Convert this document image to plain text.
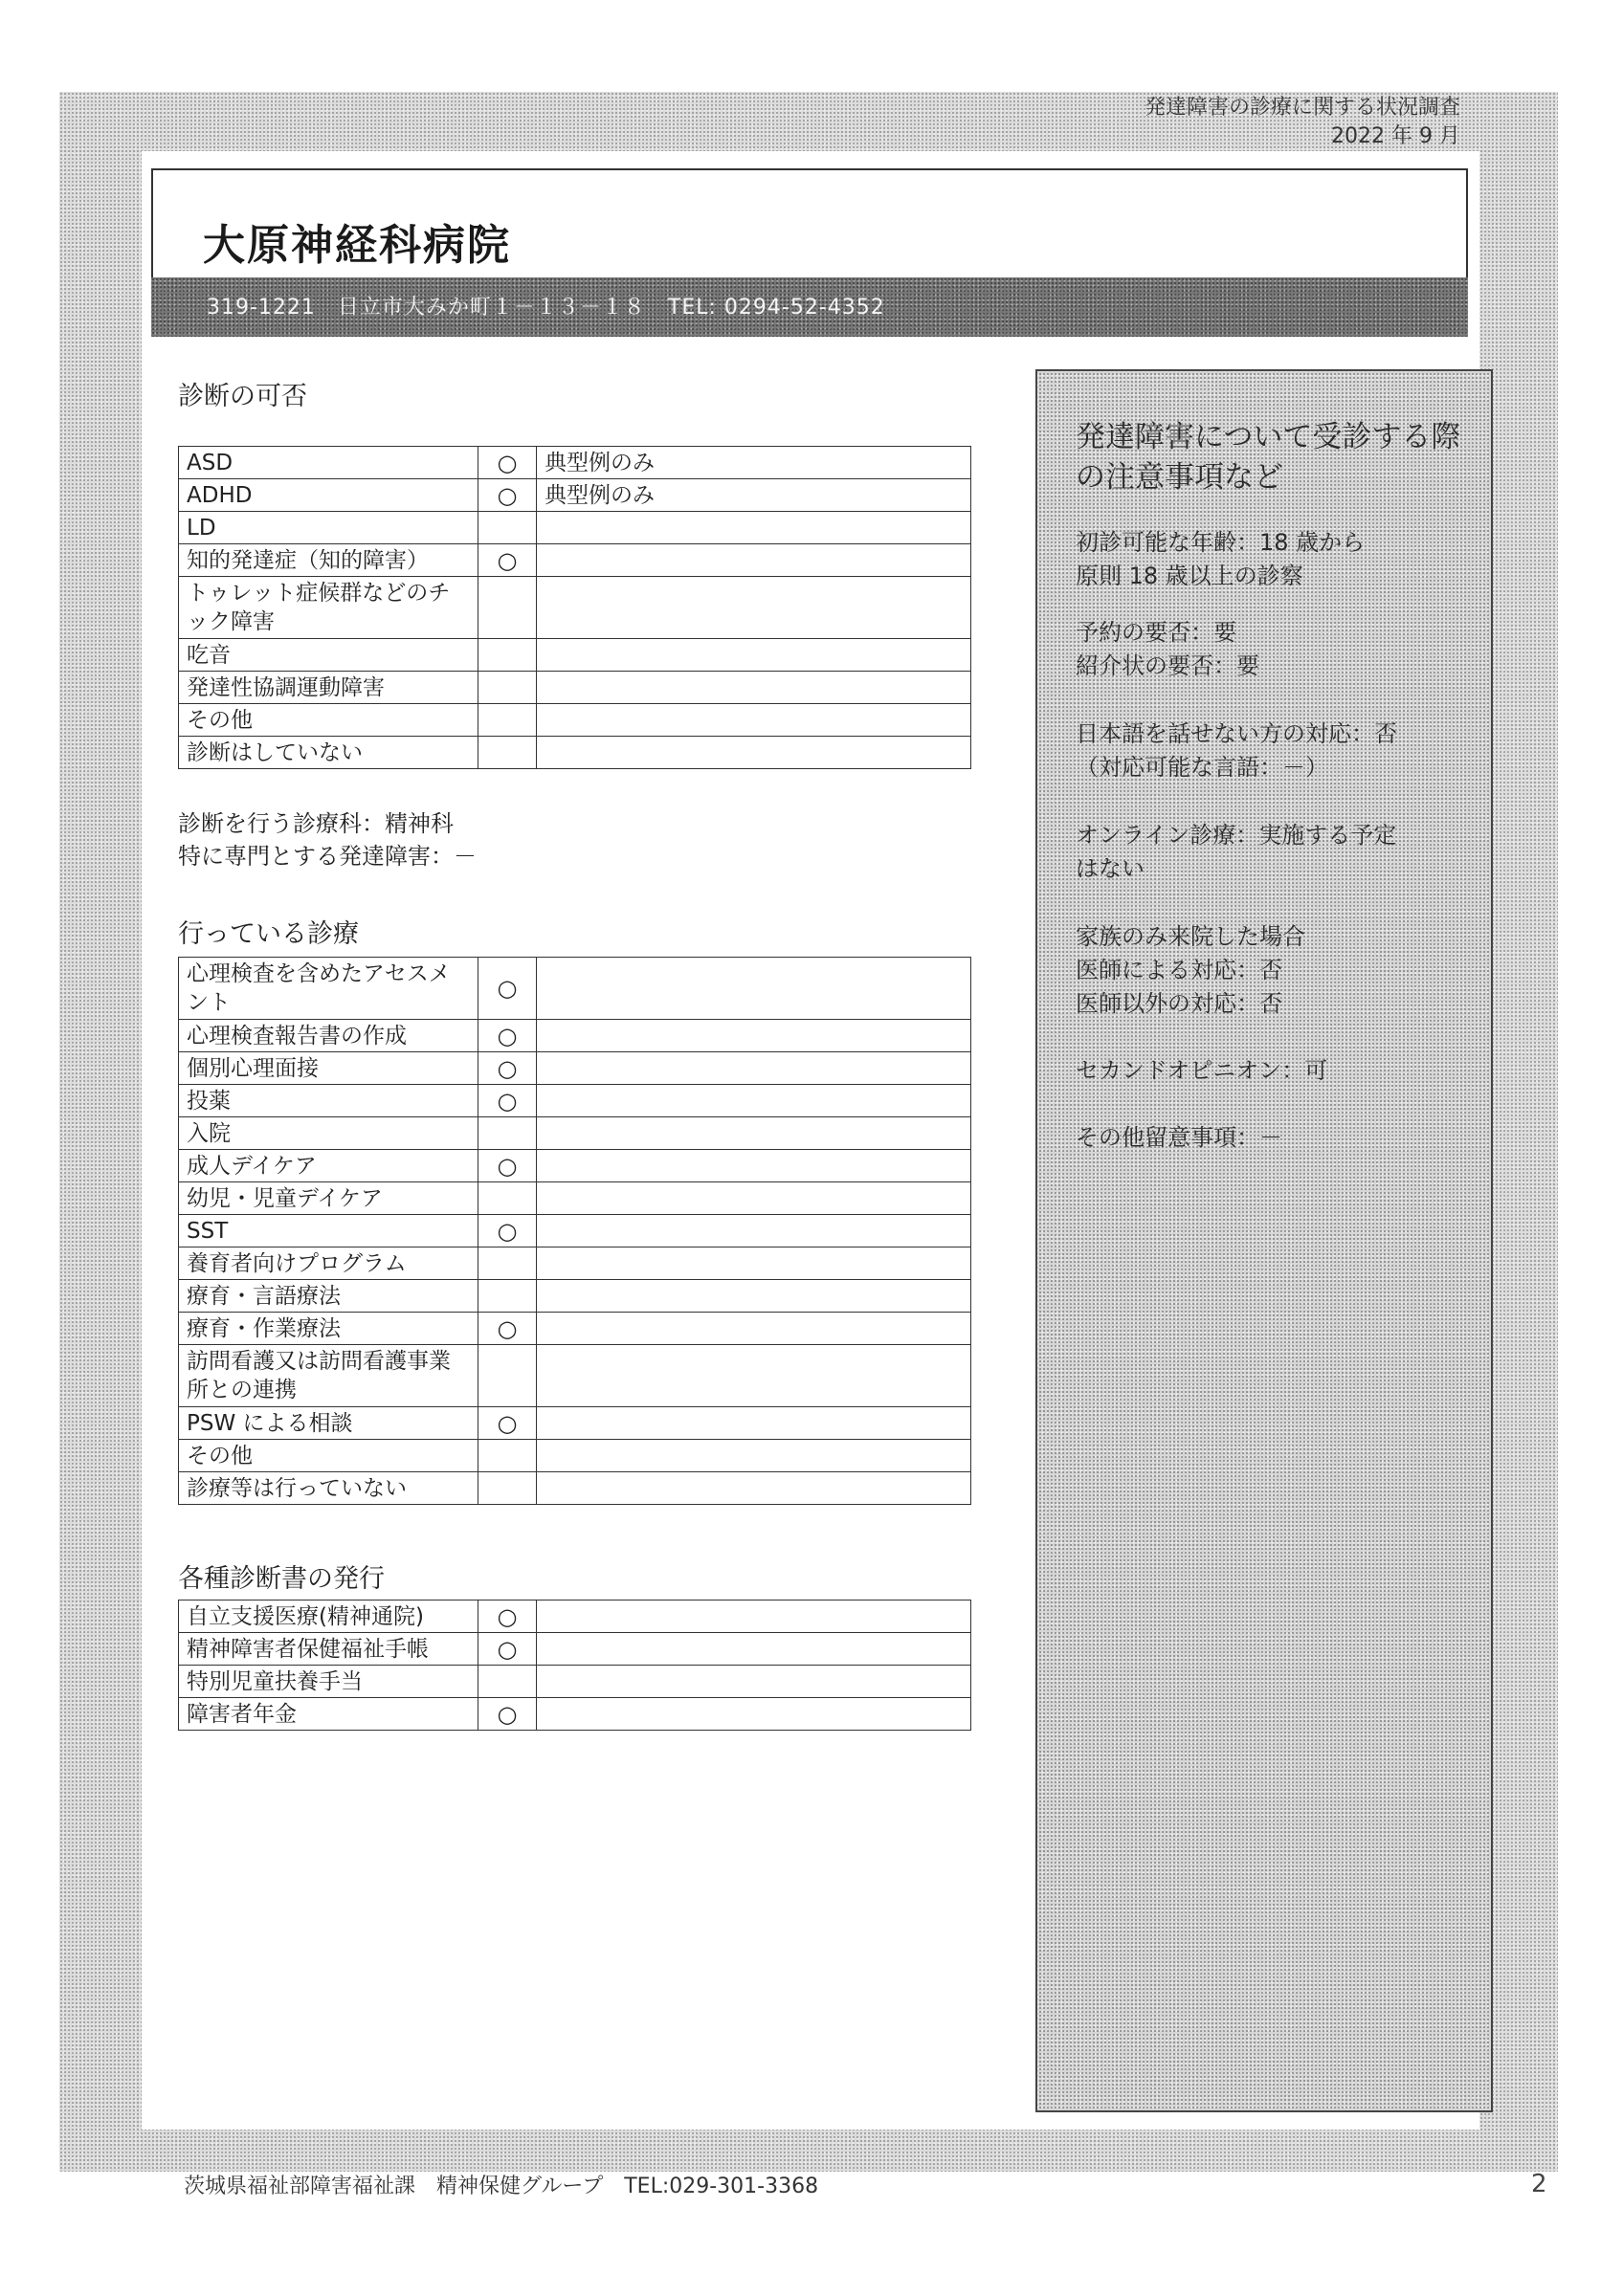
発達障害の診療に関する状況調査
2022 年 9 月
大原神経科病院
319-1221　日立市大みか町１－１３－１８　TEL: 0294-52-4352
診断の可否
ASD	○	典型例のみ
ADHD	○	典型例のみ
LD		
知的発達症（知的障害）	○	
トゥレット症候群などのチック障害		
吃音		
発達性協調運動障害		
その他		
診断はしていない		
診断を行う診療科：精神科
特に専門とする発達障害：－
行っている診療
心理検査を含めたアセスメント	○	
心理検査報告書の作成	○	
個別心理面接	○	
投薬	○	
入院		
成人デイケア	○	
幼児・児童デイケア		
SST	○	
養育者向けプログラム		
療育・言語療法		
療育・作業療法	○	
訪問看護又は訪問看護事業所との連携		
PSW による相談	○	
その他		
診療等は行っていない		
各種診断書の発行
自立支援医療(精神通院)	○	
精神障害者保健福祉手帳	○	
特別児童扶養手当		
障害者年金	○	
発達障害について受診する際の注意事項など
初診可能な年齢：18 歳から
原則 18 歳以上の診察
予約の要否：要
紹介状の要否：要
日本語を話せない方の対応：否
（対応可能な言語：－）
オンライン診療：実施する予定
はない
家族のみ来院した場合
医師による対応：否
医師以外の対応：否
セカンドオピニオン：可
その他留意事項：－
茨城県福祉部障害福祉課　精神保健グループ　TEL:029-301-3368	2
